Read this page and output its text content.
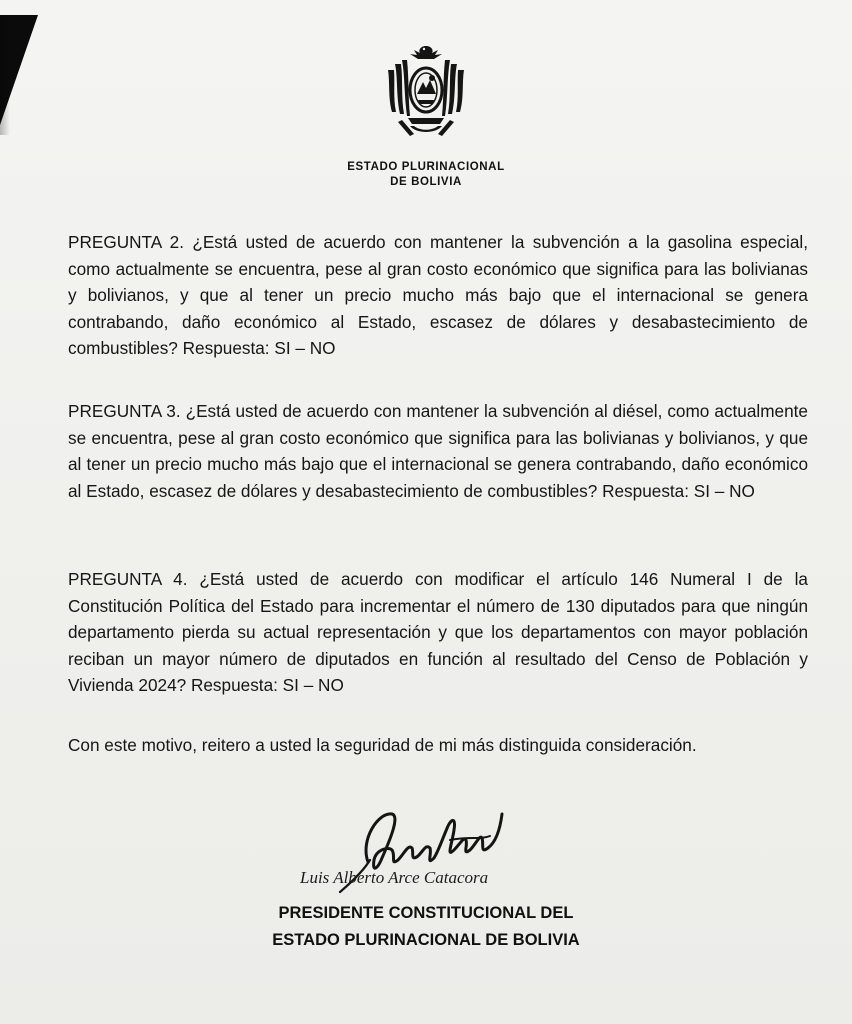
ESTADO PLURINACIONAL
DE BOLIVIA

PREGUNTA 2. ¿Está usted de acuerdo con mantener la subvención a la gasolina especial, como actualmente se encuentra, pese al gran costo económico que significa para las bolivianas y bolivianos, y que al tener un precio mucho más bajo que el internacional se genera contrabando, daño económico al Estado, escasez de dólares y desabastecimiento de combustibles? Respuesta: SI – NO

PREGUNTA 3. ¿Está usted de acuerdo con mantener la subvención al diésel, como actualmente se encuentra, pese al gran costo económico que significa para las bolivianas y bolivianos, y que al tener un precio mucho más bajo que el internacional se genera contrabando, daño económico al Estado, escasez de dólares y desabastecimiento de combustibles? Respuesta: SI – NO

PREGUNTA 4. ¿Está usted de acuerdo con modificar el artículo 146 Numeral I de la Constitución Política del Estado para incrementar el número de 130 diputados para que ningún departamento pierda su actual representación y que los departamentos con mayor población reciban un mayor número de diputados en función al resultado del Censo de Población y Vivienda 2024? Respuesta: SI – NO

Con este motivo, reitero a usted la seguridad de mi más distinguida consideración.

Luis Alberto Arce Catacora
PRESIDENTE CONSTITUCIONAL DEL
ESTADO PLURINACIONAL DE BOLIVIA
